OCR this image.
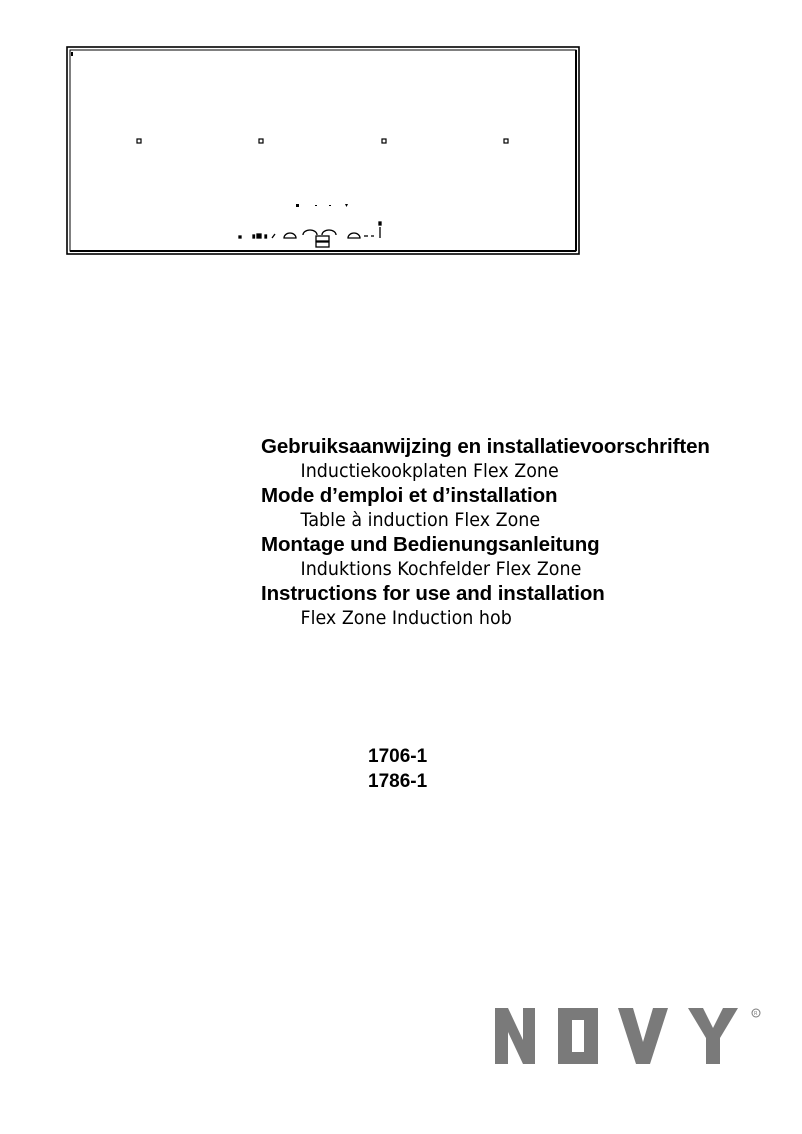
Gebruiksaanwijzing en installatievoorschriften
Inductiekookplaten Flex Zone
Mode d’emploi et d’installation
Table à induction Flex Zone
Montage und Bedienungsanleitung
Induktions Kochfelder Flex Zone
Instructions for use and installation
Flex Zone Induction hob
1706-1
1786-1
R
